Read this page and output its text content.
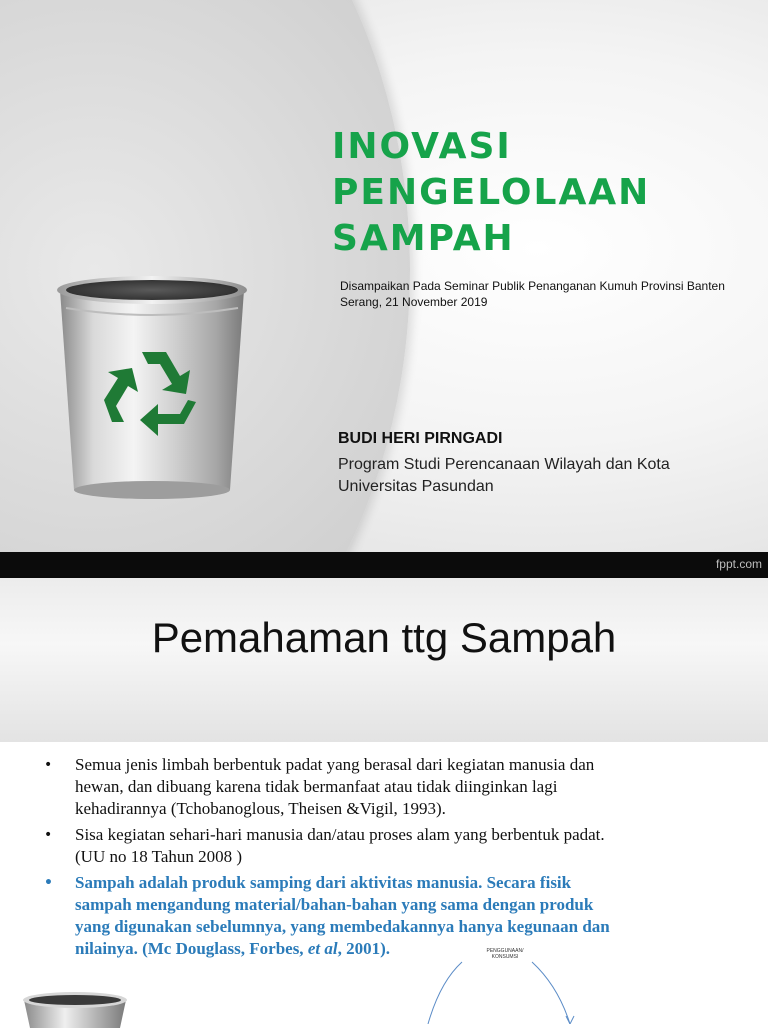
INOVASI
PENGELOLAAN
SAMPAH

Disampaikan Pada Seminar Publik Penanganan Kumuh Provinsi Banten
Serang, 21 November 2019

BUDI HERI PIRNGADI

Program Studi Perencanaan Wilayah dan Kota
Universitas Pasundan
fppt.com
Pemahaman ttg Sampah
• Semua jenis limbah berbentuk padat yang berasal dari kegiatan manusia dan
hewan, dan dibuang karena tidak bermanfaat atau tidak diinginkan lagi
kehadirannya (Tchobanoglous, Theisen &Vigil, 1993).
• Sisa kegiatan sehari-hari manusia dan/atau proses alam yang berbentuk padat.
(UU no 18 Tahun 2008 )
• Sampah adalah produk samping dari aktivitas manusia. Secara fisik
sampah mengandung material/bahan-bahan yang sama dengan produk
yang digunakan sebelumnya, yang membedakannya hanya kegunaan dan
nilainya. (Mc Douglass, Forbes, et al, 2001).	PENGGUNAAN/
KONSUMSI
